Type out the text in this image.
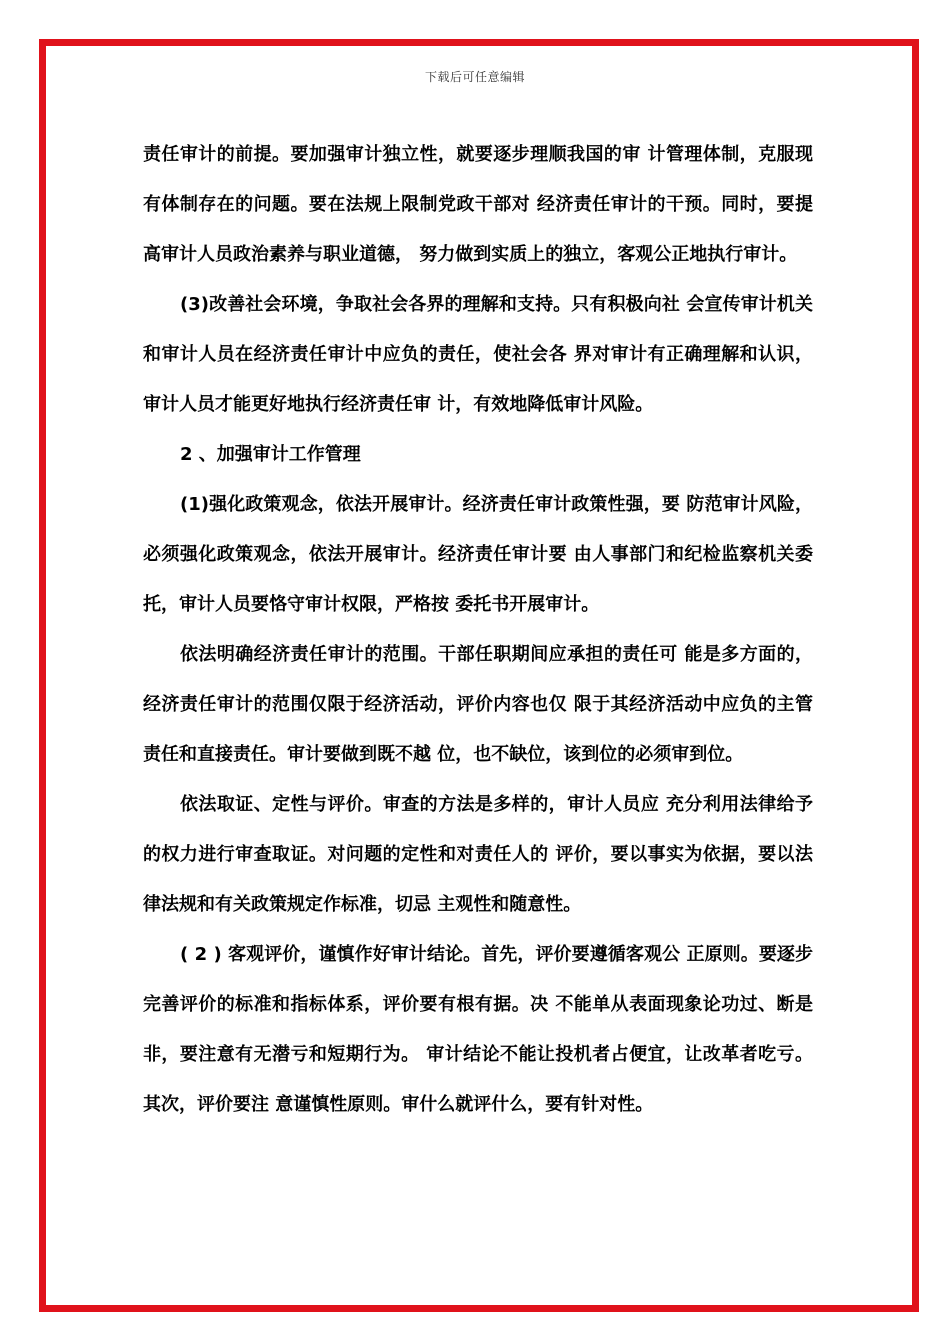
下载后可任意编辑

责任审计的前提。要加强审计独立性，就要逐步理顺我国的审 计管理体制，克服现有体制存在的问题。要在法规上限制党政干部对 经济责任审计的干预。同时，要提高审计人员政治素养与职业道德， 努力做到实质上的独立，客观公正地执行审计。

(3)改善社会环境，争取社会各界的理解和支持。只有积极向社 会宣传审计机关和审计人员在经济责任审计中应负的责任，使社会各 界对审计有正确理解和认识，审计人员才能更好地执行经济责任审 计，有效地降低审计风险。

2 、加强审计工作管理

(1)强化政策观念，依法开展审计。经济责任审计政策性强，要 防范审计风险，必须强化政策观念，依法开展审计。经济责任审计要 由人事部门和纪检监察机关委托，审计人员要恪守审计权限，严格按 委托书开展审计。

依法明确经济责任审计的范围。干部任职期间应承担的责任可 能是多方面的，经济责任审计的范围仅限于经济活动，评价内容也仅 限于其经济活动中应负的主管责任和直接责任。审计要做到既不越 位，也不缺位，该到位的必须审到位。

依法取证、定性与评价。审查的方法是多样的，审计人员应 充分利用法律给予的权力进行审查取证。对问题的定性和对责任人的 评价，要以事实为依据，要以法律法规和有关政策规定作标准，切忌 主观性和随意性。

( 2 ) 客观评价，谨慎作好审计结论。首先，评价要遵循客观公 正原则。要逐步完善评价的标准和指标体系，评价要有根有据。决 不能单从表面现象论功过、断是非，要注意有无潜亏和短期行为。 审计结论不能让投机者占便宜，让改革者吃亏。其次，评价要注 意谨慎性原则。审什么就评什么，要有针对性。
